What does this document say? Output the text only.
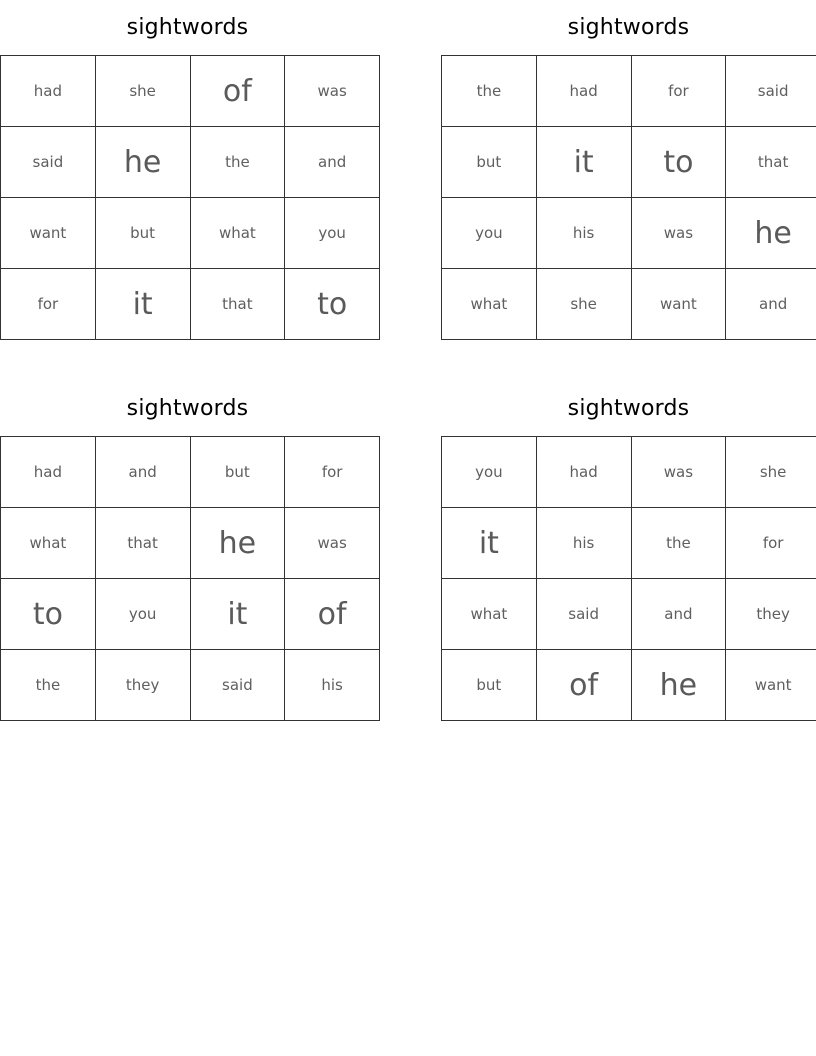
sightwords
had	she	of	was
said	he	the	and
want	but	what	you
for	it	that	to
sightwords
the	had	for	said
but	it	to	that
you	his	was	he
what	she	want	and
sightwords
had	and	but	for
what	that	he	was
to	you	it	of
the	they	said	his
sightwords
you	had	was	she
it	his	the	for
what	said	and	they
but	of	he	want
